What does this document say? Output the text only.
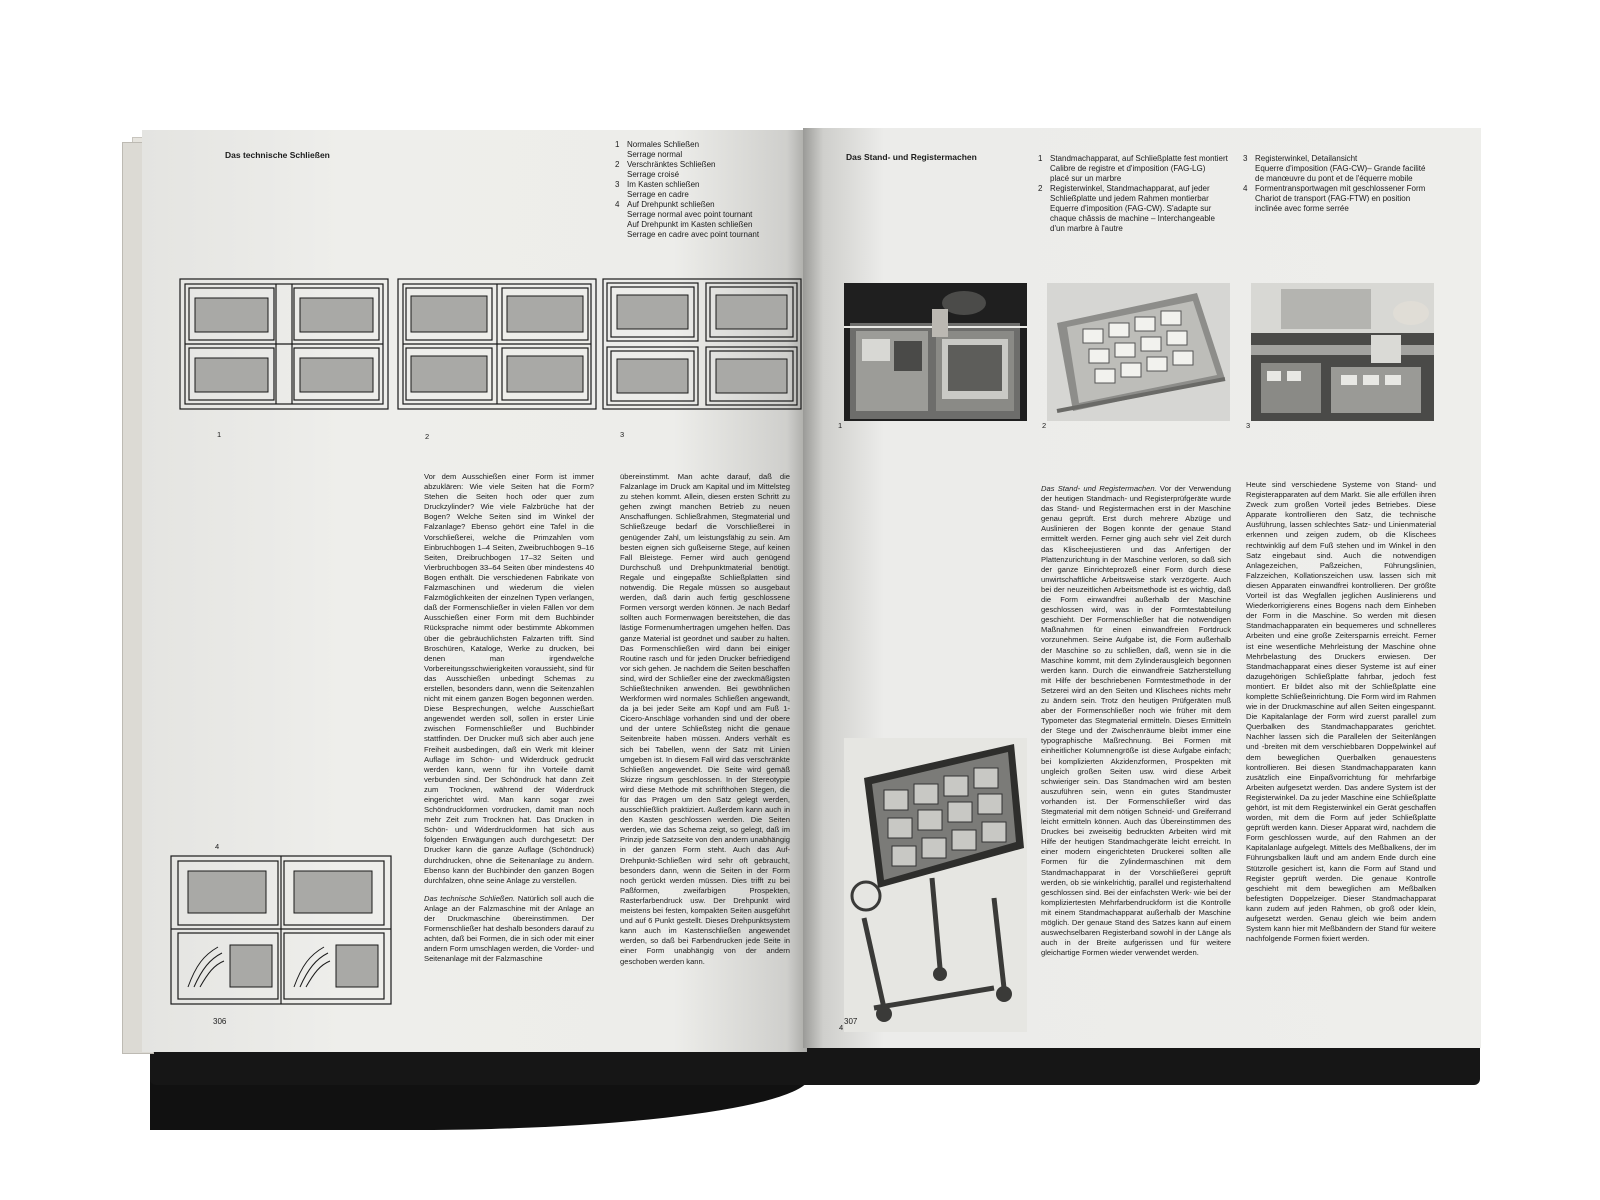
Das technische Schließen
1 Normales Schließen
Serrage normal
2 Verschränktes Schließen
Serrage croisé
3 Im Kasten schließen
Serrage en cadre
4 Auf Drehpunkt schließen
Serrage normal avec point tournant
Auf Drehpunkt im Kasten schließen
Serrage en cadre avec point tournant
1	2	3
4

Vor dem Ausschießen einer Form ist immer abzuklären: Wie viele Seiten hat die Form? Stehen die Seiten hoch oder quer zum Druckzylinder? Wie viele Falzbrüche hat der Bogen? Welche Seiten sind im Winkel der Falzanlage? Ebenso gehört eine Tafel in die Vorschließerei, welche die Primzahlen vom Einbruchbogen 1–4 Seiten, Zweibruchbogen 9–16 Seiten, Dreibruchbogen 17–32 Seiten und Vierbruchbogen 33–64 Seiten über mindestens 40 Bogen enthält. Die verschiedenen Fabrikate von Falzmaschinen und wiederum die vielen Falzmöglichkeiten der einzelnen Typen verlangen, daß der Formenschließer in vielen Fällen vor dem Ausschießen einer Form mit dem Buchbinder Rücksprache nimmt oder bestimmte Abkommen über die gebräuchlichsten Falzarten trifft. Sind Broschüren, Kataloge, Werke zu drucken, bei denen man irgendwelche Vorbereitungsschwierigkeiten voraussieht, sind für das Ausschießen unbedingt Schemas zu erstellen, besonders dann, wenn die Seitenzahlen nicht mit einem ganzen Bogen begonnen werden. Diese Besprechungen, welche Ausschießart angewendet werden soll, sollen in erster Linie zwischen Formenschließer und Buchbinder stattfinden. Der Drucker muß sich aber auch jene Freiheit ausbedingen, daß ein Werk mit kleiner Auflage im Schön- und Widerdruck gedruckt werden kann, wenn für ihn Vorteile damit verbunden sind. Der Schöndruck hat dann Zeit zum Trocknen, während der Widerdruck eingerichtet wird. Man kann sogar zwei Schöndruckformen vordrucken, damit man noch mehr Zeit zum Trocknen hat. Das Drucken in Schön- und Widerdruckformen hat sich aus folgenden Erwägungen auch durchgesetzt: Der Drucker kann die ganze Auflage (Schöndruck) durchdrucken, ohne die Seitenanlage zu ändern. Ebenso kann der Buchbinder den ganzen Bogen durchfalzen, ohne seine Anlage zu verstellen.

Das technische Schließen. Natürlich soll auch die Anlage an der Falzmaschine mit der Anlage an der Druckmaschine übereinstimmen. Der Formenschließer hat deshalb besonders darauf zu achten, daß bei Formen, die in sich oder mit einer andern Form umschlagen werden, die Vorder- und Seitenanlage mit der Falzmaschine

übereinstimmt. Man achte darauf, daß die Falzanlage im Druck am Kapital und im Mittelsteg zu stehen kommt. Allein, diesen ersten Schritt zu gehen zwingt manchen Betrieb zu neuen Anschaffungen. Schließrahmen, Stegmaterial und Schließzeuge bedarf die Vorschließerei in genügender Zahl, um leistungsfähig zu sein. Am besten eignen sich gußeiserne Stege, auf keinen Fall Bleistege. Ferner wird auch genügend Durchschuß und Drehpunktmaterial benötigt. Regale und eingepaßte Schließplatten sind notwendig. Die Regale müssen so ausgebaut werden, daß darin auch fertig geschlossene Formen versorgt werden können. Je nach Bedarf sollten auch Formenwagen bereitstehen, die das lästige Formenumhertragen umgehen helfen. Das ganze Material ist geordnet und sauber zu halten. Das Formenschließen wird dann bei einiger Routine rasch und für jeden Drucker befriedigend vor sich gehen. Je nachdem die Seiten beschaffen sind, wird der Schließer eine der zweckmäßigsten Schließtechniken anwenden. Bei gewöhnlichen Werkformen wird normales Schließen angewandt, da ja bei jeder Seite am Kopf und am Fuß 1-Cicero-Anschläge vorhanden sind und der obere und der untere Schließsteg nicht die genaue Seitenbreite haben müssen. Anders verhält es sich bei Tabellen, wenn der Satz mit Linien umgeben ist. In diesem Fall wird das verschränkte Schließen angewendet. Die Seite wird gemäß Skizze ringsum geschlossen. In der Stereotypie wird diese Methode mit schrifthohen Stegen, die für das Prägen um den Satz gelegt werden, ausschließlich praktiziert. Außerdem kann auch in den Kasten geschlossen werden. Die Seiten werden, wie das Schema zeigt, so gelegt, daß im Prinzip jede Satzseite von den andern unabhängig in der ganzen Form steht. Auch das Auf-Drehpunkt-Schließen wird sehr oft gebraucht, besonders dann, wenn die Seiten in der Form noch gerückt werden müssen. Dies trifft zu bei Paßformen, zweifarbigen Prospekten, Rasterfarbendruck usw. Der Drehpunkt wird meistens bei festen, kompakten Seiten ausgeführt und auf 6 Punkt gestellt. Dieses Drehpunktsystem kann auch im Kastenschließen angewendet werden, so daß bei Farbendrucken jede Seite in einer Form unabhängig von der andern geschoben werden kann.

306
Das Stand- und Registermachen	1 Standmachapparat, auf Schließplatte fest montiert
Calibre de registre et d'imposition (FAG-LG)
placé sur un marbre
2 Registerwinkel, Standmachapparat, auf jeder
Schließplatte und jedem Rahmen montierbar
Equerre d'imposition (FAG-CW). S'adapte sur
chaque châssis de machine – Interchangeable
d'un marbre à l'autre
3 Registerwinkel, Detailansicht
Equerre d'imposition (FAG-CW)– Grande facilité
de manœuvre du pont et de l'équerre mobile
4 Formentransportwagen mit geschlossener Form
Chariot de transport (FAG-FTW) en position
inclinée avec forme serrée
1	2	3
4

Das Stand- und Registermachen. Vor der Verwendung der heutigen Standmach- und Registerprüfgeräte wurde das Stand- und Registermachen erst in der Maschine genau geprüft. Erst durch mehrere Abzüge und Auslinieren der Bogen konnte der genaue Stand ermittelt werden. Ferner ging auch sehr viel Zeit durch das Klischeejustieren und das Anfertigen der Plattenzurichtung in der Maschine verloren, so daß sich der ganze Einrichteprozeß einer Form durch diese unwirtschaftliche Arbeitsweise stark verzögerte. Auch bei der neuzeitlichen Arbeitsmethode ist es wichtig, daß die Form einwandfrei außerhalb der Maschine geschlossen wird, was in der Formtestabteilung geschieht. Der Formenschließer hat die notwendigen Maßnahmen für einen einwandfreien Fortdruck vorzunehmen. Seine Aufgabe ist, die Form außerhalb der Maschine so zu schließen, daß, wenn sie in die Maschine kommt, mit dem Zylinderausgleich begonnen werden kann. Durch die einwandfreie Satzherstellung mit Hilfe der beschriebenen Formtestmethode in der Setzerei wird an den Seiten und Klischees nichts mehr zu ändern sein. Trotz den heutigen Prüfgeräten muß aber der Formenschließer noch wie früher mit dem Typometer das Stegmaterial ermitteln. Dieses Ermitteln der Stege und der Zwischenräume bleibt immer eine typographische Maßrechnung. Bei Formen mit einheitlicher Kolumnengröße ist diese Aufgabe einfach; bei komplizierten Akzidenzformen, Prospekten mit ungleich großen Seiten usw. wird diese Arbeit schwieriger sein. Das Standmachen wird am besten auszuführen sein, wenn ein gutes Standmuster vorhanden ist. Der Formenschließer wird das Stegmaterial mit dem nötigen Schneid- und Greiferrand leicht ermitteln können. Auch das Übereinstimmen des Druckes bei zweiseitig bedruckten Arbeiten wird mit Hilfe der heutigen Standmachgeräte leicht erreicht. In einer modern eingerichteten Druckerei sollten alle Formen für die Zylindermaschinen mit dem Standmachapparat in der Vorschließerei geprüft werden, ob sie winkelrichtig, parallel und registerhaltend geschlossen sind. Bei der einfachsten Werk- wie bei der kompliziertesten Mehrfarbendruckform ist die Kontrolle mit einem Standmachapparat außerhalb der Maschine möglich. Der genaue Stand des Satzes kann auf einem auswechselbaren Registerband sowohl in der Länge als auch in der Breite aufgerissen und für weitere gleichartige Formen wieder verwendet werden.

Heute sind verschiedene Systeme von Stand- und Registerapparaten auf dem Markt. Sie alle erfüllen ihren Zweck zum großen Vorteil jedes Betriebes. Diese Apparate kontrollieren den Satz, die technische Ausführung, lassen schlechtes Satz- und Linienmaterial erkennen und zeigen zudem, ob die Klischees rechtwinklig auf dem Fuß stehen und im Winkel in den Satz eingebaut sind. Auch die notwendigen Anlagezeichen, Paßzeichen, Führungslinien, Falzzeichen, Kollationszeichen usw. lassen sich mit diesen Apparaten einwandfrei kontrollieren. Der größte Vorteil ist das Wegfallen jeglichen Auslinierens und Wiederkorrigierens eines Bogens nach dem Einheben der Form in die Maschine. So werden mit diesen Standmachapparaten ein bequemeres und schnelleres Arbeiten und eine große Zeitersparnis erreicht. Ferner ist eine wesentliche Mehrleistung der Maschine ohne Mehrbelastung des Druckers erwiesen. Der Standmachapparat eines dieser Systeme ist auf einer dazugehörigen Schließplatte fahrbar, jedoch fest montiert. Er bildet also mit der Schließplatte eine komplette Schließeinrichtung. Die Form wird im Rahmen wie in der Druckmaschine auf allen Seiten eingespannt. Die Kapitalanlage der Form wird zuerst parallel zum Querbalken des Standmachapparates gerichtet. Nachher lassen sich die Parallelen der Seitenlängen und -breiten mit dem verschiebbaren Doppelwinkel auf dem beweglichen Querbalken genauestens kontrollieren. Bei diesen Standmachapparaten kann zusätzlich eine Einpaßvorrichtung für mehrfarbige Arbeiten aufgesetzt werden. Das andere System ist der Registerwinkel. Da zu jeder Maschine eine Schließplatte gehört, ist mit dem Registerwinkel ein Gerät geschaffen worden, mit dem die Form auf jeder Schließplatte geprüft werden kann. Dieser Apparat wird, nachdem die Form geschlossen wurde, auf den Rahmen an der Kapitalanlage aufgelegt. Mittels des Meßbalkens, der im Führungsbalken läuft und am andern Ende durch eine Stützrolle gesichert ist, kann die Form auf Stand und Register geprüft werden. Die genaue Kontrolle geschieht mit dem beweglichen am Meßbalken befestigten Doppelzeiger. Dieser Standmachapparat kann zudem auf jeden Rahmen, ob groß oder klein, aufgesetzt werden. Genau gleich wie beim andern System kann hier mit Meßbändern der Stand für weitere nachfolgende Formen fixiert werden.

307
